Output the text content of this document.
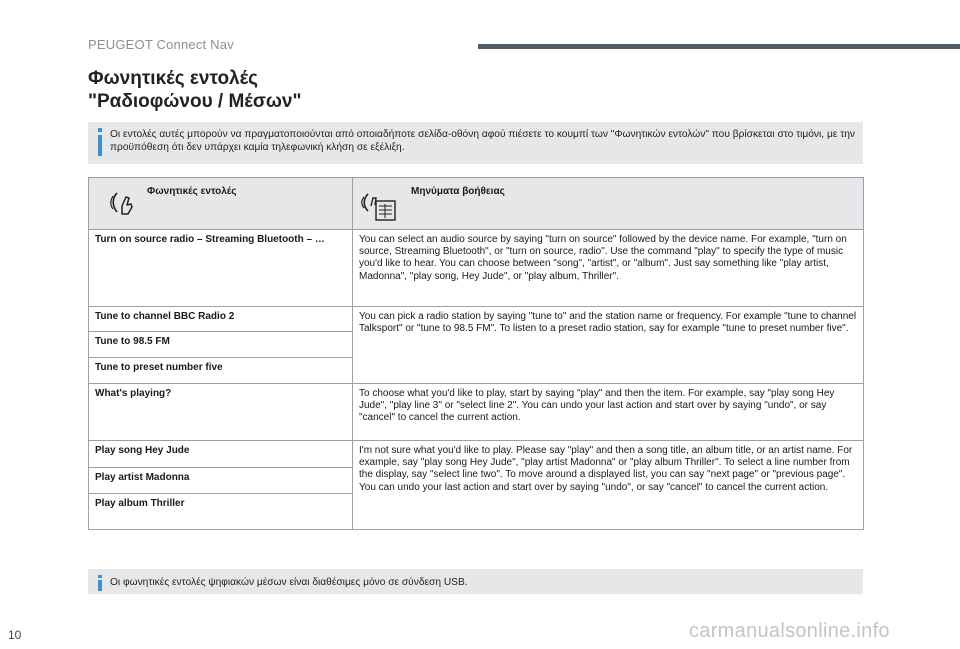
PEUGEOT Connect Nav
Φωνητικές εντολές
"Ραδιοφώνου / Μέσων"
Οι εντολές αυτές μπορούν να πραγματοποιούνται από οποιαδήποτε σελίδα-οθόνη αφού πιέσετε το κουμπί των "Φωνητικών εντολών" που βρίσκεται στο τιμόνι, με την προϋπόθεση ότι δεν υπάρχει καμία τηλεφωνική κλήση σε εξέλιξη.
Φωνητικές εντολές	Μηνύματα βοήθειας

Turn on source radio – Streaming Bluetooth – …	You can select an audio source by saying "turn on source" followed by the device name. For example, "turn on source, Streaming Bluetooth", or "turn on source, radio". Use the command "play" to specify the type of music you'd like to hear. You can choose between "song", "artist", or "album". Just say something like "play artist, Madonna", "play song, Hey Jude", or "play album, Thriller".
Tune to channel BBC Radio 2	You can pick a radio station by saying "tune to" and the station name or frequency. For example "tune to channel Talksport" or "tune to 98.5 FM". To listen to a preset radio station, say for example "tune to preset number five".
Tune to 98.5 FM	
Tune to preset number five	
What's playing?	To choose what you'd like to play, start by saying "play" and then the item. For example, say "play song Hey Jude", "play line 3" or "select line 2". You can undo your last action and start over by saying "undo", or say "cancel" to cancel the current action.
Play song Hey Jude	I'm not sure what you'd like to play. Please say "play" and then a song title, an album title, or an artist name. For example, say "play song Hey Jude", "play artist Madonna" or "play album Thriller". To select a line number from the display, say "select line two". To move around a displayed list, you can say "next page" or "previous page". You can undo your last action and start over by saying "undo", or say "cancel" to cancel the current action.
Play artist Madonna	
Play album Thriller	
Οι φωνητικές εντολές ψηφιακών μέσων είναι διαθέσιμες μόνο σε σύνδεση USB.
10	carmanualsonline.info
